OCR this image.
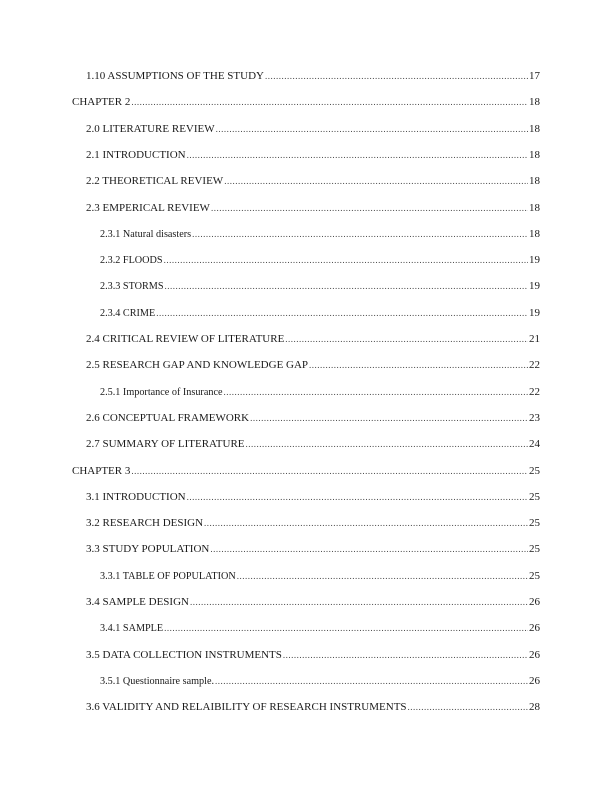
1.10 ASSUMPTIONS OF THE STUDY .....	17
CHAPTER 2 .....	18
2.0 LITERATURE REVIEW .....	18
2.1 INTRODUCTION .....	18
2.2 THEORETICAL REVIEW .....	18
2.3 EMPERICAL REVIEW .....	18
2.3.1 Natural disasters .....	18
2.3.2 FLOODS .....	19
2.3.3 STORMS .....	19
2.3.4 CRIME .....	19
2.4 CRITICAL REVIEW OF LITERATURE .....	21
2.5 RESEARCH GAP AND KNOWLEDGE GAP .....	22
2.5.1 Importance of Insurance .....	22
2.6 CONCEPTUAL FRAMEWORK .....	23
2.7 SUMMARY OF LITERATURE .....	24
CHAPTER 3 .....	25
3.1 INTRODUCTION .....	25
3.2 RESEARCH DESIGN .....	25
3.3 STUDY POPULATION .....	25
3.3.1 TABLE OF POPULATION .....	25
3.4 SAMPLE DESIGN .....	26
3.4.1 SAMPLE .....	26
3.5 DATA COLLECTION INSTRUMENTS .....	26
3.5.1 Questionnaire sample. .....	26
3.6 VALIDITY AND RELAIBILITY OF RESEARCH INSTRUMENTS .....	28
